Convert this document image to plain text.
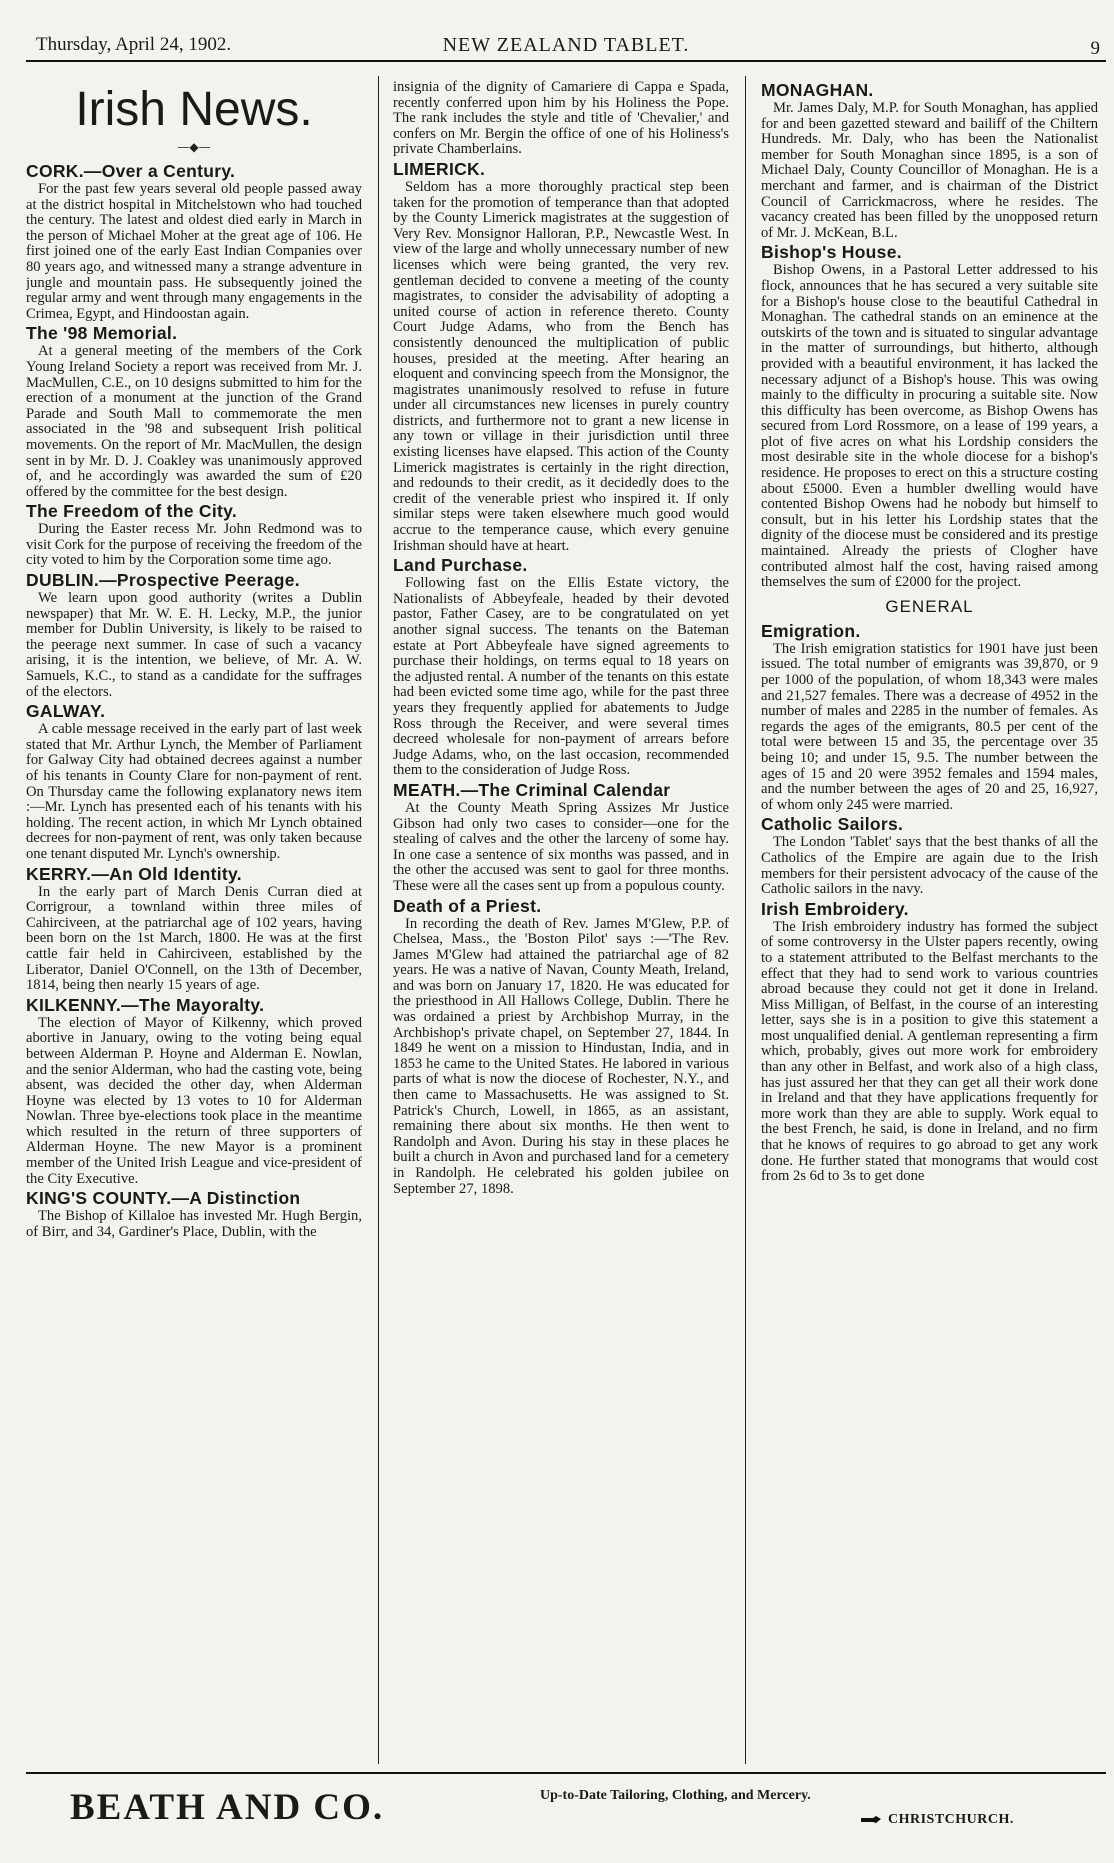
Thursday, April 24, 1902.	NEW ZEALAND TABLET.	9
Irish News.
—◆—
CORK.—Over a Century.

For the past few years several old people passed away at the district hospital in Mitchelstown who had touched the century. The latest and oldest died early in March in the person of Michael Moher at the great age of 106. He first joined one of the early East Indian Companies over 80 years ago, and witnessed many a strange adventure in jungle and mountain pass. He subsequently joined the regular army and went through many engagements in the Crimea, Egypt, and Hindoostan again.

The '98 Memorial.

At a general meeting of the members of the Cork Young Ireland Society a report was received from Mr. J. MacMullen, C.E., on 10 designs submitted to him for the erection of a monument at the junction of the Grand Parade and South Mall to commemorate the men associated in the '98 and subsequent Irish political movements. On the report of Mr. MacMullen, the design sent in by Mr. D. J. Coakley was unanimously approved of, and he accordingly was awarded the sum of £20 offered by the committee for the best design.

The Freedom of the City.

During the Easter recess Mr. John Redmond was to visit Cork for the purpose of receiving the freedom of the city voted to him by the Corporation some time ago.

DUBLIN.—Prospective Peerage.

We learn upon good authority (writes a Dublin newspaper) that Mr. W. E. H. Lecky, M.P., the junior member for Dublin University, is likely to be raised to the peerage next summer. In case of such a vacancy arising, it is the intention, we believe, of Mr. A. W. Samuels, K.C., to stand as a candidate for the suffrages of the electors.

GALWAY.

A cable message received in the early part of last week stated that Mr. Arthur Lynch, the Member of Parliament for Galway City had obtained decrees against a number of his tenants in County Clare for non-payment of rent. On Thursday came the following explanatory news item :—Mr. Lynch has presented each of his tenants with his holding. The recent action, in which Mr Lynch obtained decrees for non-payment of rent, was only taken because one tenant disputed Mr. Lynch's ownership.

KERRY.—An Old Identity.

In the early part of March Denis Curran died at Corrigrour, a townland within three miles of Cahirciveen, at the patriarchal age of 102 years, having been born on the 1st March, 1800. He was at the first cattle fair held in Cahirciveen, established by the Liberator, Daniel O'Connell, on the 13th of December, 1814, being then nearly 15 years of age.

KILKENNY.—The Mayoralty.

The election of Mayor of Kilkenny, which proved abortive in January, owing to the voting being equal between Alderman P. Hoyne and Alderman E. Nowlan, and the senior Alderman, who had the casting vote, being absent, was decided the other day, when Alderman Hoyne was elected by 13 votes to 10 for Alderman Nowlan. Three bye-elections took place in the meantime which resulted in the return of three supporters of Alderman Hoyne. The new Mayor is a prominent member of the United Irish League and vice-president of the City Executive.

KING'S COUNTY.—A Distinction

The Bishop of Killaloe has invested Mr. Hugh Bergin, of Birr, and 34, Gardiner's Place, Dublin, with the

insignia of the dignity of Camariere di Cappa e Spada, recently conferred upon him by his Holiness the Pope. The rank includes the style and title of 'Chevalier,' and confers on Mr. Bergin the office of one of his Holiness's private Chamberlains.

LIMERICK.

Seldom has a more thoroughly practical step been taken for the promotion of temperance than that adopted by the County Limerick magistrates at the suggestion of Very Rev. Monsignor Halloran, P.P., Newcastle West. In view of the large and wholly unnecessary number of new licenses which were being granted, the very rev. gentleman decided to convene a meeting of the county magistrates, to consider the advisability of adopting a united course of action in reference thereto. County Court Judge Adams, who from the Bench has consistently denounced the multiplication of public houses, presided at the meeting. After hearing an eloquent and convincing speech from the Monsignor, the magistrates unanimously resolved to refuse in future under all circumstances new licenses in purely country districts, and furthermore not to grant a new license in any town or village in their jurisdiction until three existing licenses have elapsed. This action of the County Limerick magistrates is certainly in the right direction, and redounds to their credit, as it decidedly does to the credit of the venerable priest who inspired it. If only similar steps were taken elsewhere much good would accrue to the temperance cause, which every genuine Irishman should have at heart.

Land Purchase.

Following fast on the Ellis Estate victory, the Nationalists of Abbeyfeale, headed by their devoted pastor, Father Casey, are to be congratulated on yet another signal success. The tenants on the Bateman estate at Port Abbeyfeale have signed agreements to purchase their holdings, on terms equal to 18 years on the adjusted rental. A number of the tenants on this estate had been evicted some time ago, while for the past three years they frequently applied for abatements to Judge Ross through the Receiver, and were several times decreed wholesale for non-payment of arrears before Judge Adams, who, on the last occasion, recommended them to the consideration of Judge Ross.

MEATH.—The Criminal Calendar

At the County Meath Spring Assizes Mr Justice Gibson had only two cases to consider—one for the stealing of calves and the other the larceny of some hay. In one case a sentence of six months was passed, and in the other the accused was sent to gaol for three months. These were all the cases sent up from a populous county.

Death of a Priest.

In recording the death of Rev. James M'Glew, P.P. of Chelsea, Mass., the 'Boston Pilot' says :—'The Rev. James M'Glew had attained the patriarchal age of 82 years. He was a native of Navan, County Meath, Ireland, and was born on January 17, 1820. He was educated for the priesthood in All Hallows College, Dublin. There he was ordained a priest by Archbishop Murray, in the Archbishop's private chapel, on September 27, 1844. In 1849 he went on a mission to Hindustan, India, and in 1853 he came to the United States. He labored in various parts of what is now the diocese of Rochester, N.Y., and then came to Massachusetts. He was assigned to St. Patrick's Church, Lowell, in 1865, as an assistant, remaining there about six months. He then went to Randolph and Avon. During his stay in these places he built a church in Avon and purchased land for a cemetery in Randolph. He celebrated his golden jubilee on September 27, 1898.

MONAGHAN.

Mr. James Daly, M.P. for South Monaghan, has applied for and been gazetted steward and bailiff of the Chiltern Hundreds. Mr. Daly, who has been the Nationalist member for South Monaghan since 1895, is a son of Michael Daly, County Councillor of Monaghan. He is a merchant and farmer, and is chairman of the District Council of Carrickmacross, where he resides. The vacancy created has been filled by the unopposed return of Mr. J. McKean, B.L.

Bishop's House.

Bishop Owens, in a Pastoral Letter addressed to his flock, announces that he has secured a very suitable site for a Bishop's house close to the beautiful Cathedral in Monaghan. The cathedral stands on an eminence at the outskirts of the town and is situated to singular advantage in the matter of surroundings, but hitherto, although provided with a beautiful environment, it has lacked the necessary adjunct of a Bishop's house. This was owing mainly to the difficulty in procuring a suitable site. Now this difficulty has been overcome, as Bishop Owens has secured from Lord Rossmore, on a lease of 199 years, a plot of five acres on what his Lordship considers the most desirable site in the whole diocese for a bishop's residence. He proposes to erect on this a structure costing about £5000. Even a humbler dwelling would have contented Bishop Owens had he nobody but himself to consult, but in his letter his Lordship states that the dignity of the diocese must be considered and its prestige maintained. Already the priests of Clogher have contributed almost half the cost, having raised among themselves the sum of £2000 for the project.

GENERAL
Emigration.

The Irish emigration statistics for 1901 have just been issued. The total number of emigrants was 39,870, or 9 per 1000 of the population, of whom 18,343 were males and 21,527 females. There was a decrease of 4952 in the number of males and 2285 in the number of females. As regards the ages of the emigrants, 80.5 per cent of the total were between 15 and 35, the percentage over 35 being 10; and under 15, 9.5. The number between the ages of 15 and 20 were 3952 females and 1594 males, and the number between the ages of 20 and 25, 16,927, of whom only 245 were married.

Catholic Sailors.

The London 'Tablet' says that the best thanks of all the Catholics of the Empire are again due to the Irish members for their persistent advocacy of the cause of the Catholic sailors in the navy.

Irish Embroidery.

The Irish embroidery industry has formed the subject of some controversy in the Ulster papers recently, owing to a statement attributed to the Belfast merchants to the effect that they had to send work to various countries abroad because they could not get it done in Ireland. Miss Milligan, of Belfast, in the course of an interesting letter, says she is in a position to give this statement a most unqualified denial. A gentleman representing a firm which, probably, gives out more work for embroidery than any other in Belfast, and work also of a high class, has just assured her that they can get all their work done in Ireland and that they have applications frequently for more work than they are able to supply. Work equal to the best French, he said, is done in Ireland, and no firm that he knows of requires to go abroad to get any work done. He further stated that monograms that would cost from 2s 6d to 3s to get done

BEATH AND CO.	Up-to-Date Tailoring, Clothing, and Mercery.
CHRISTCHURCH.
